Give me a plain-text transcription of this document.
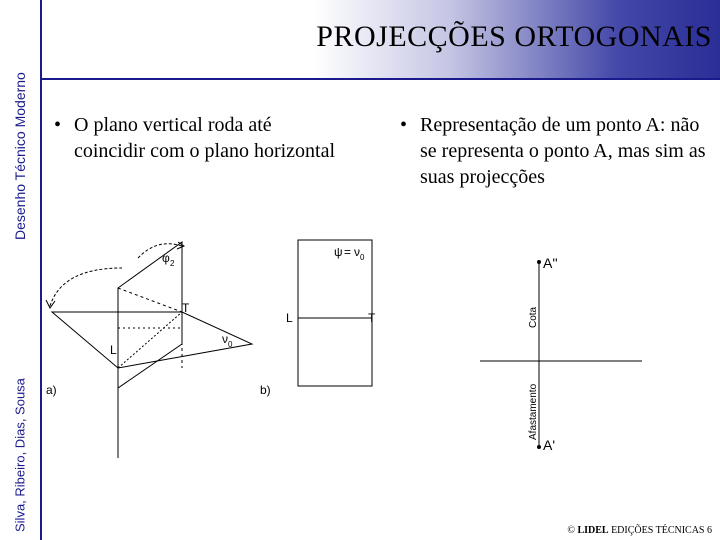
Desenho Técnico Moderno
Silva, Ribeiro, Dias, Sousa
PROJECÇÕES ORTOGONAIS
• O plano vertical roda até coincidir com o plano horizontal
• Representação de um ponto A: não se representa o ponto A, mas sim as suas projecções
φ 2
T
L
ν 0
a)
ψ = ν 0
L	T
b)
A''
A'
Cota
Afastamento
© LIDEL EDIÇÕES TÉCNICAS 6
